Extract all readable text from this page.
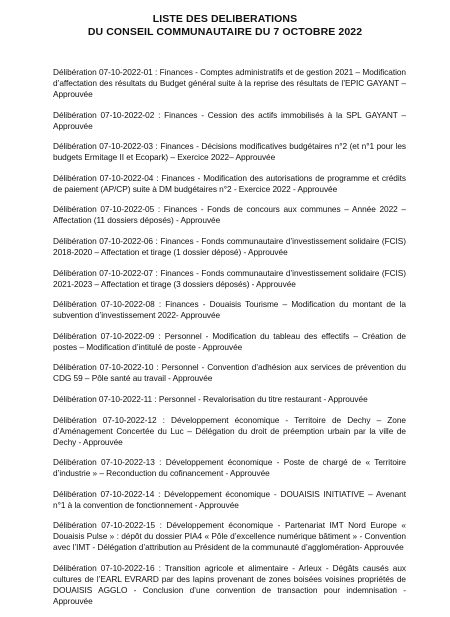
LISTE DES DELIBERATIONS
DU CONSEIL COMMUNAUTAIRE DU 7 OCTOBRE 2022

Délibération 07-10-2022-01 : Finances - Comptes administratifs et de gestion 2021 – Modification d’affectation des résultats du Budget général suite à la reprise des résultats de l’EPIC GAYANT – Approuvée

Délibération 07-10-2022-02 : Finances - Cession des actifs immobilisés à la SPL GAYANT – Approuvée

Délibération 07-10-2022-03 : Finances - Décisions modificatives budgétaires n°2 (et n°1 pour les budgets Ermitage II et Ecopark) – Exercice 2022– Approuvée

Délibération 07-10-2022-04 : Finances - Modification des autorisations de programme et crédits de paiement (AP/CP) suite à DM budgétaires n°2 - Exercice 2022 - Approuvée

Délibération 07-10-2022-05 : Finances - Fonds de concours aux communes – Année 2022 – Affectation (11 dossiers déposés) - Approuvée

Délibération 07-10-2022-06 : Finances - Fonds communautaire d’investissement solidaire (FCIS) 2018-2020 – Affectation et tirage (1 dossier déposé) - Approuvée

Délibération 07-10-2022-07 : Finances - Fonds communautaire d’investissement solidaire (FCIS) 2021-2023 – Affectation et tirage (3 dossiers déposés) - Approuvée

Délibération 07-10-2022-08 : Finances - Douaisis Tourisme – Modification du montant de la subvention d’investissement 2022- Approuvée

Délibération 07-10-2022-09 : Personnel - Modification du tableau des effectifs – Création de postes – Modification d’intitulé de poste - Approuvée

Délibération 07-10-2022-10 : Personnel - Convention d’adhésion aux services de prévention du CDG 59 – Pôle santé au travail - Approuvée

Délibération 07-10-2022-11 : Personnel - Revalorisation du titre restaurant - Approuvée

Délibération 07-10-2022-12 : Développement économique - Territoire de Dechy – Zone d’Aménagement Concertée du Luc – Délégation du droit de préemption urbain par la ville de Dechy - Approuvée

Délibération 07-10-2022-13 : Développement économique - Poste de chargé de « Territoire d’industrie » – Reconduction du cofinancement - Approuvée

Délibération 07-10-2022-14 : Développement économique - DOUAISIS INITIATIVE – Avenant n°1 à la convention de fonctionnement - Approuvée

Délibération 07-10-2022-15 : Développement économique - Partenariat IMT Nord Europe « Douaisis Pulse » : dépôt du dossier PIA4 « Pôle d’excellence numérique bâtiment » - Convention avec l’IMT - Délégation d’attribution au Président de la communauté d’agglomération- Approuvée

Délibération 07-10-2022-16 : Transition agricole et alimentaire - Arleux - Dégâts causés aux cultures de l’EARL EVRARD par des lapins provenant de zones boisées voisines propriétés de DOUAISIS AGGLO - Conclusion d’une convention de transaction pour indemnisation - Approuvée
